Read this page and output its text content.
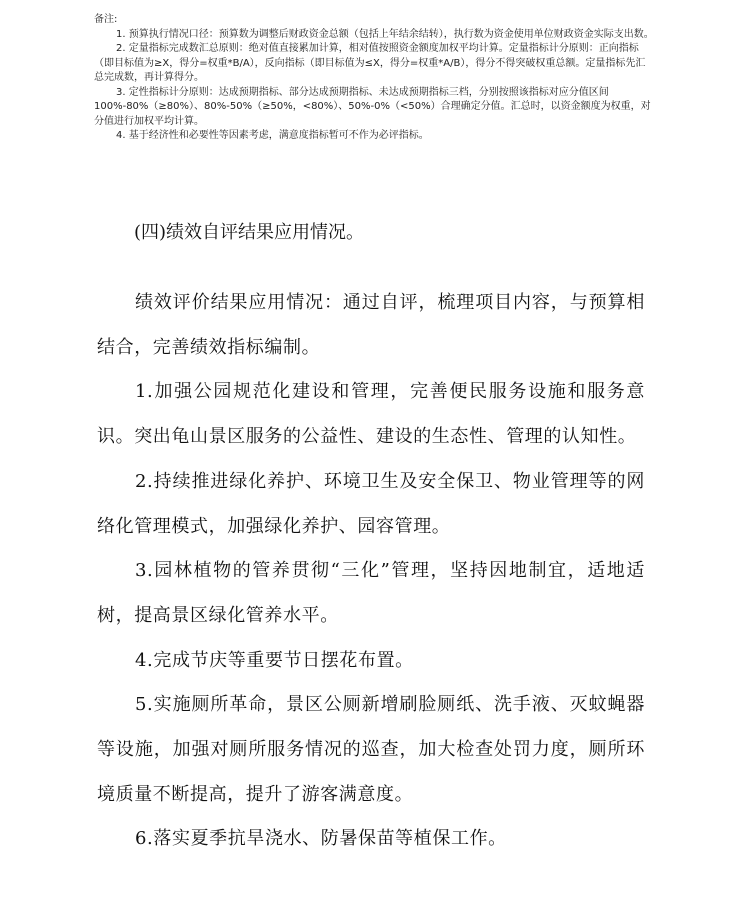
备注:

1. 预算执行情况口径：预算数为调整后财政资金总额（包括上年结余结转），执行数为资金使用单位财政资金实际支出数。

2. 定量指标完成数汇总原则：绝对值直接累加计算，相对值按照资金额度加权平均计算。定量指标计分原则：正向指标（即目标值为≥X，得分=权重*B/A），反向指标（即目标值为≤X，得分=权重*A/B），得分不得突破权重总额。定量指标先汇总完成数，再计算得分。

3. 定性指标计分原则：达成预期指标、部分达成预期指标、未达成预期指标三档，分别按照该指标对应分值区间100%-80%（≥80%）、80%-50%（≥50%，<80%）、50%-0%（<50%）合理确定分值。汇总时，以资金额度为权重，对分值进行加权平均计算。

4. 基于经济性和必要性等因素考虑，满意度指标暂可不作为必评指标。

(四)绩效自评结果应用情况。

绩效评价结果应用情况：通过自评，梳理项目内容，与预算相结合，完善绩效指标编制。

1.加强公园规范化建设和管理，完善便民服务设施和服务意识。突出龟山景区服务的公益性、建设的生态性、管理的认知性。

2.持续推进绿化养护、环境卫生及安全保卫、物业管理等的网络化管理模式，加强绿化养护、园容管理。

3.园林植物的管养贯彻“三化”管理，坚持因地制宜，适地适树，提高景区绿化管养水平。

4.完成节庆等重要节日摆花布置。

5.实施厕所革命，景区公厕新增刷脸厕纸、洗手液、灭蚊蝇器等设施，加强对厕所服务情况的巡查，加大检查处罚力度，厕所环境质量不断提高，提升了游客满意度。

6.落实夏季抗旱浇水、防暑保苗等植保工作。
